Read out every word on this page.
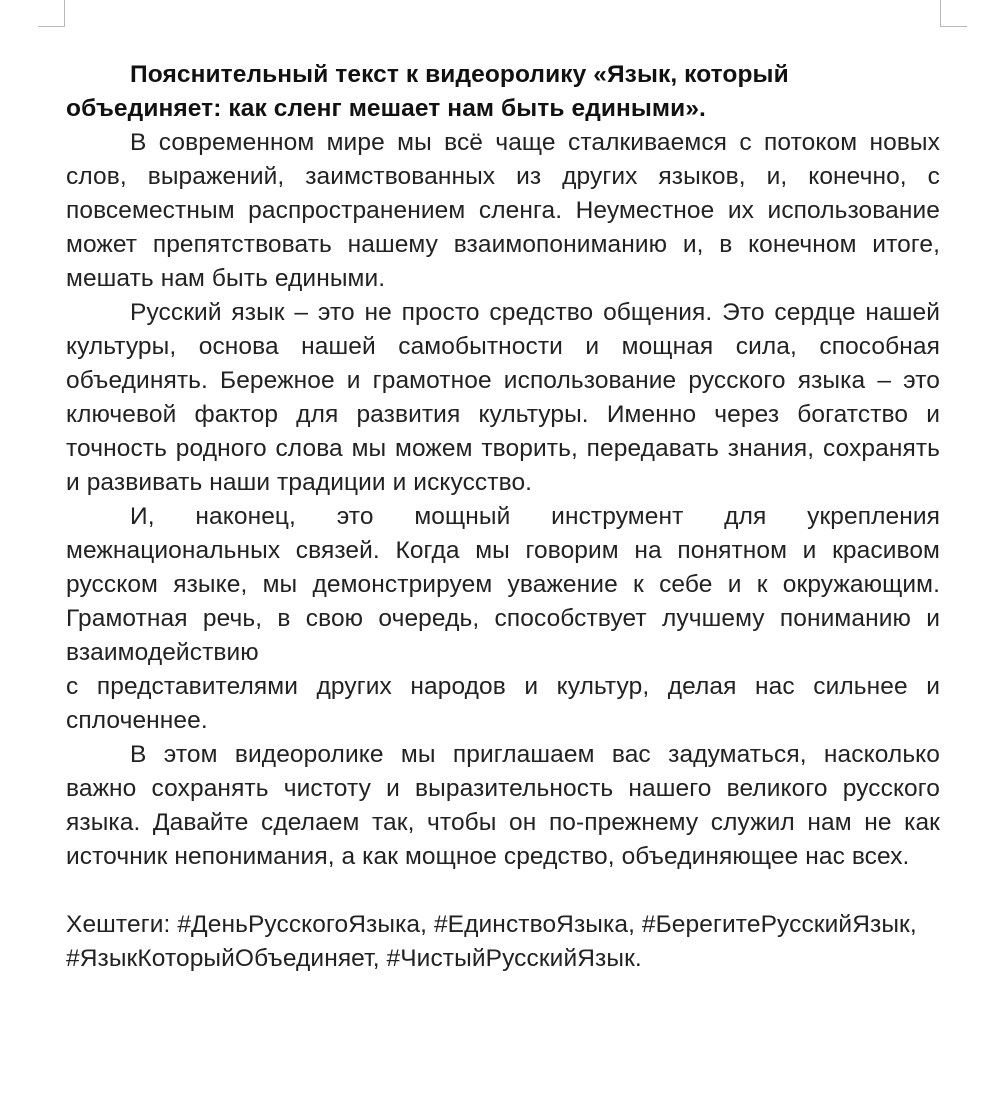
Пояснительный текст к видеоролику «Язык, который объединяет: как сленг мешает нам быть едиными».

В современном мире мы всё чаще сталкиваемся с потоком новых слов, выражений, заимствованных из других языков, и, конечно, с повсеместным распространением сленга. Неуместное их использование может препятствовать нашему взаимопониманию и, в конечном итоге, мешать нам быть едиными.

Русский язык – это не просто средство общения. Это сердце нашей культуры, основа нашей самобытности и мощная сила, способная объединять. Бережное и грамотное использование русского языка – это ключевой фактор для развития культуры. Именно через богатство и точность родного слова мы можем творить, передавать знания, сохранять и развивать наши традиции и искусство.

И, наконец, это мощный инструмент для укрепления межнациональных связей. Когда мы говорим на понятном и красивом русском языке, мы демонстрируем уважение к себе и к окружающим. Грамотная речь, в свою очередь, способствует лучшему пониманию и взаимодействию

с представителями других народов и культур, делая нас сильнее и сплоченнее.

В этом видеоролике мы приглашаем вас задуматься, насколько важно сохранять чистоту и выразительность нашего великого русского языка. Давайте сделаем так, чтобы он по-прежнему служил нам не как источник непонимания, а как мощное средство, объединяющее нас всех.

Хештеги: #ДеньРусскогоЯзыка, #ЕдинствоЯзыка, #БерегитеРусскийЯзык, #ЯзыкКоторыйОбъединяет, #ЧистыйРусскийЯзык.
